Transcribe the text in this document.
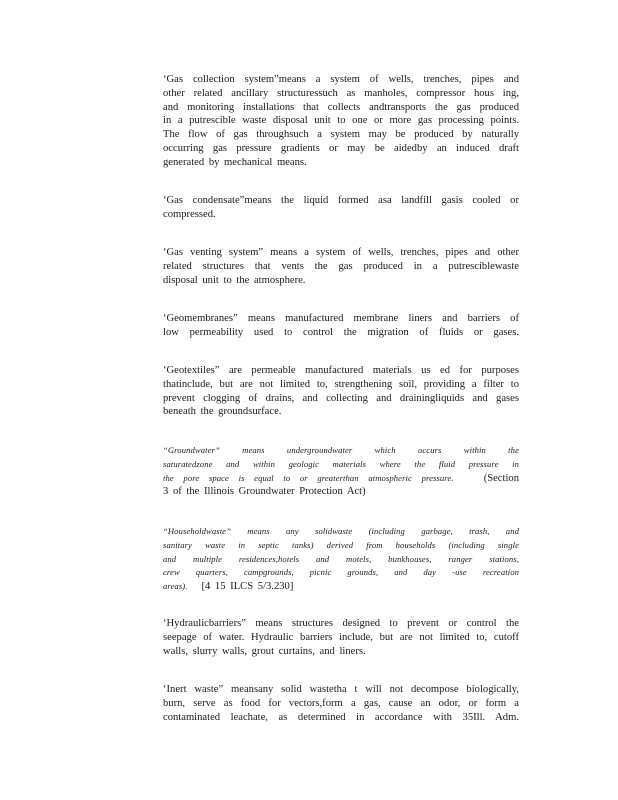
‘Gas collection system”means a system of wells, trenches, pipes and
other related ancillary structuressuch as manholes, compressor hous ing,
and monitoring installations that collects andtransports the gas produced
in a putrescible waste disposal unit to one or more gas processing points.
The flow of gas throughsuch a system may be produced by naturally
occurring gas pressure gradients or may be aidedby an induced draft
generated by mechanical means.
‘Gas condensate”means the liquid formed asa landfill gasis cooled or
compressed.
‘Gas venting system” means a system of wells, trenches, pipes and other
related structures that vents the gas produced in a putresciblewaste
disposal unit to the atmosphere.
‘Geomembranes” means manufactured membrane liners and barriers of
low permeability used to control the migration of fluids or gases.
‘Geotextiles” are permeable manufactured materials us ed for purposes
thatinclude, but are not limited to, strengthening soil, providing a filter to
prevent clogging of drains, and collecting and drainingliquids and gases
beneath the groundsurface.
“Groundwater” means undergroundwater which occurs within the
saturatedzone and within geologic materials where the fluid pressure in
the pore space is equal to or greaterthan atmospheric pressure.	(Section
3 of the Illinois Groundwater Protection Act)
“Householdwaste” means any solidwaste (including garbage, trash, and
sanitary waste in septic tanks) derived from households (including single
and multiple residences,hotels and motels, bunkhouses, ranger stations,
crew quarters, campgrounds, picnic grounds, and day -use recreation
areas). [4 15 ILCS 5/3.230]
‘Hydraulicbarriers” means structures designed to prevent or control the
seepage of water. Hydraulic barriers include, but are not limited to, cutoff
walls, slurry walls, grout curtains, and liners.
‘Inert waste” meansany solid wastetha t will not decompose biologically,
burn, serve as food for vectors,form a gas, cause an odor, or form a
contaminated leachate, as determined in accordance with 35Ill. Adm.
